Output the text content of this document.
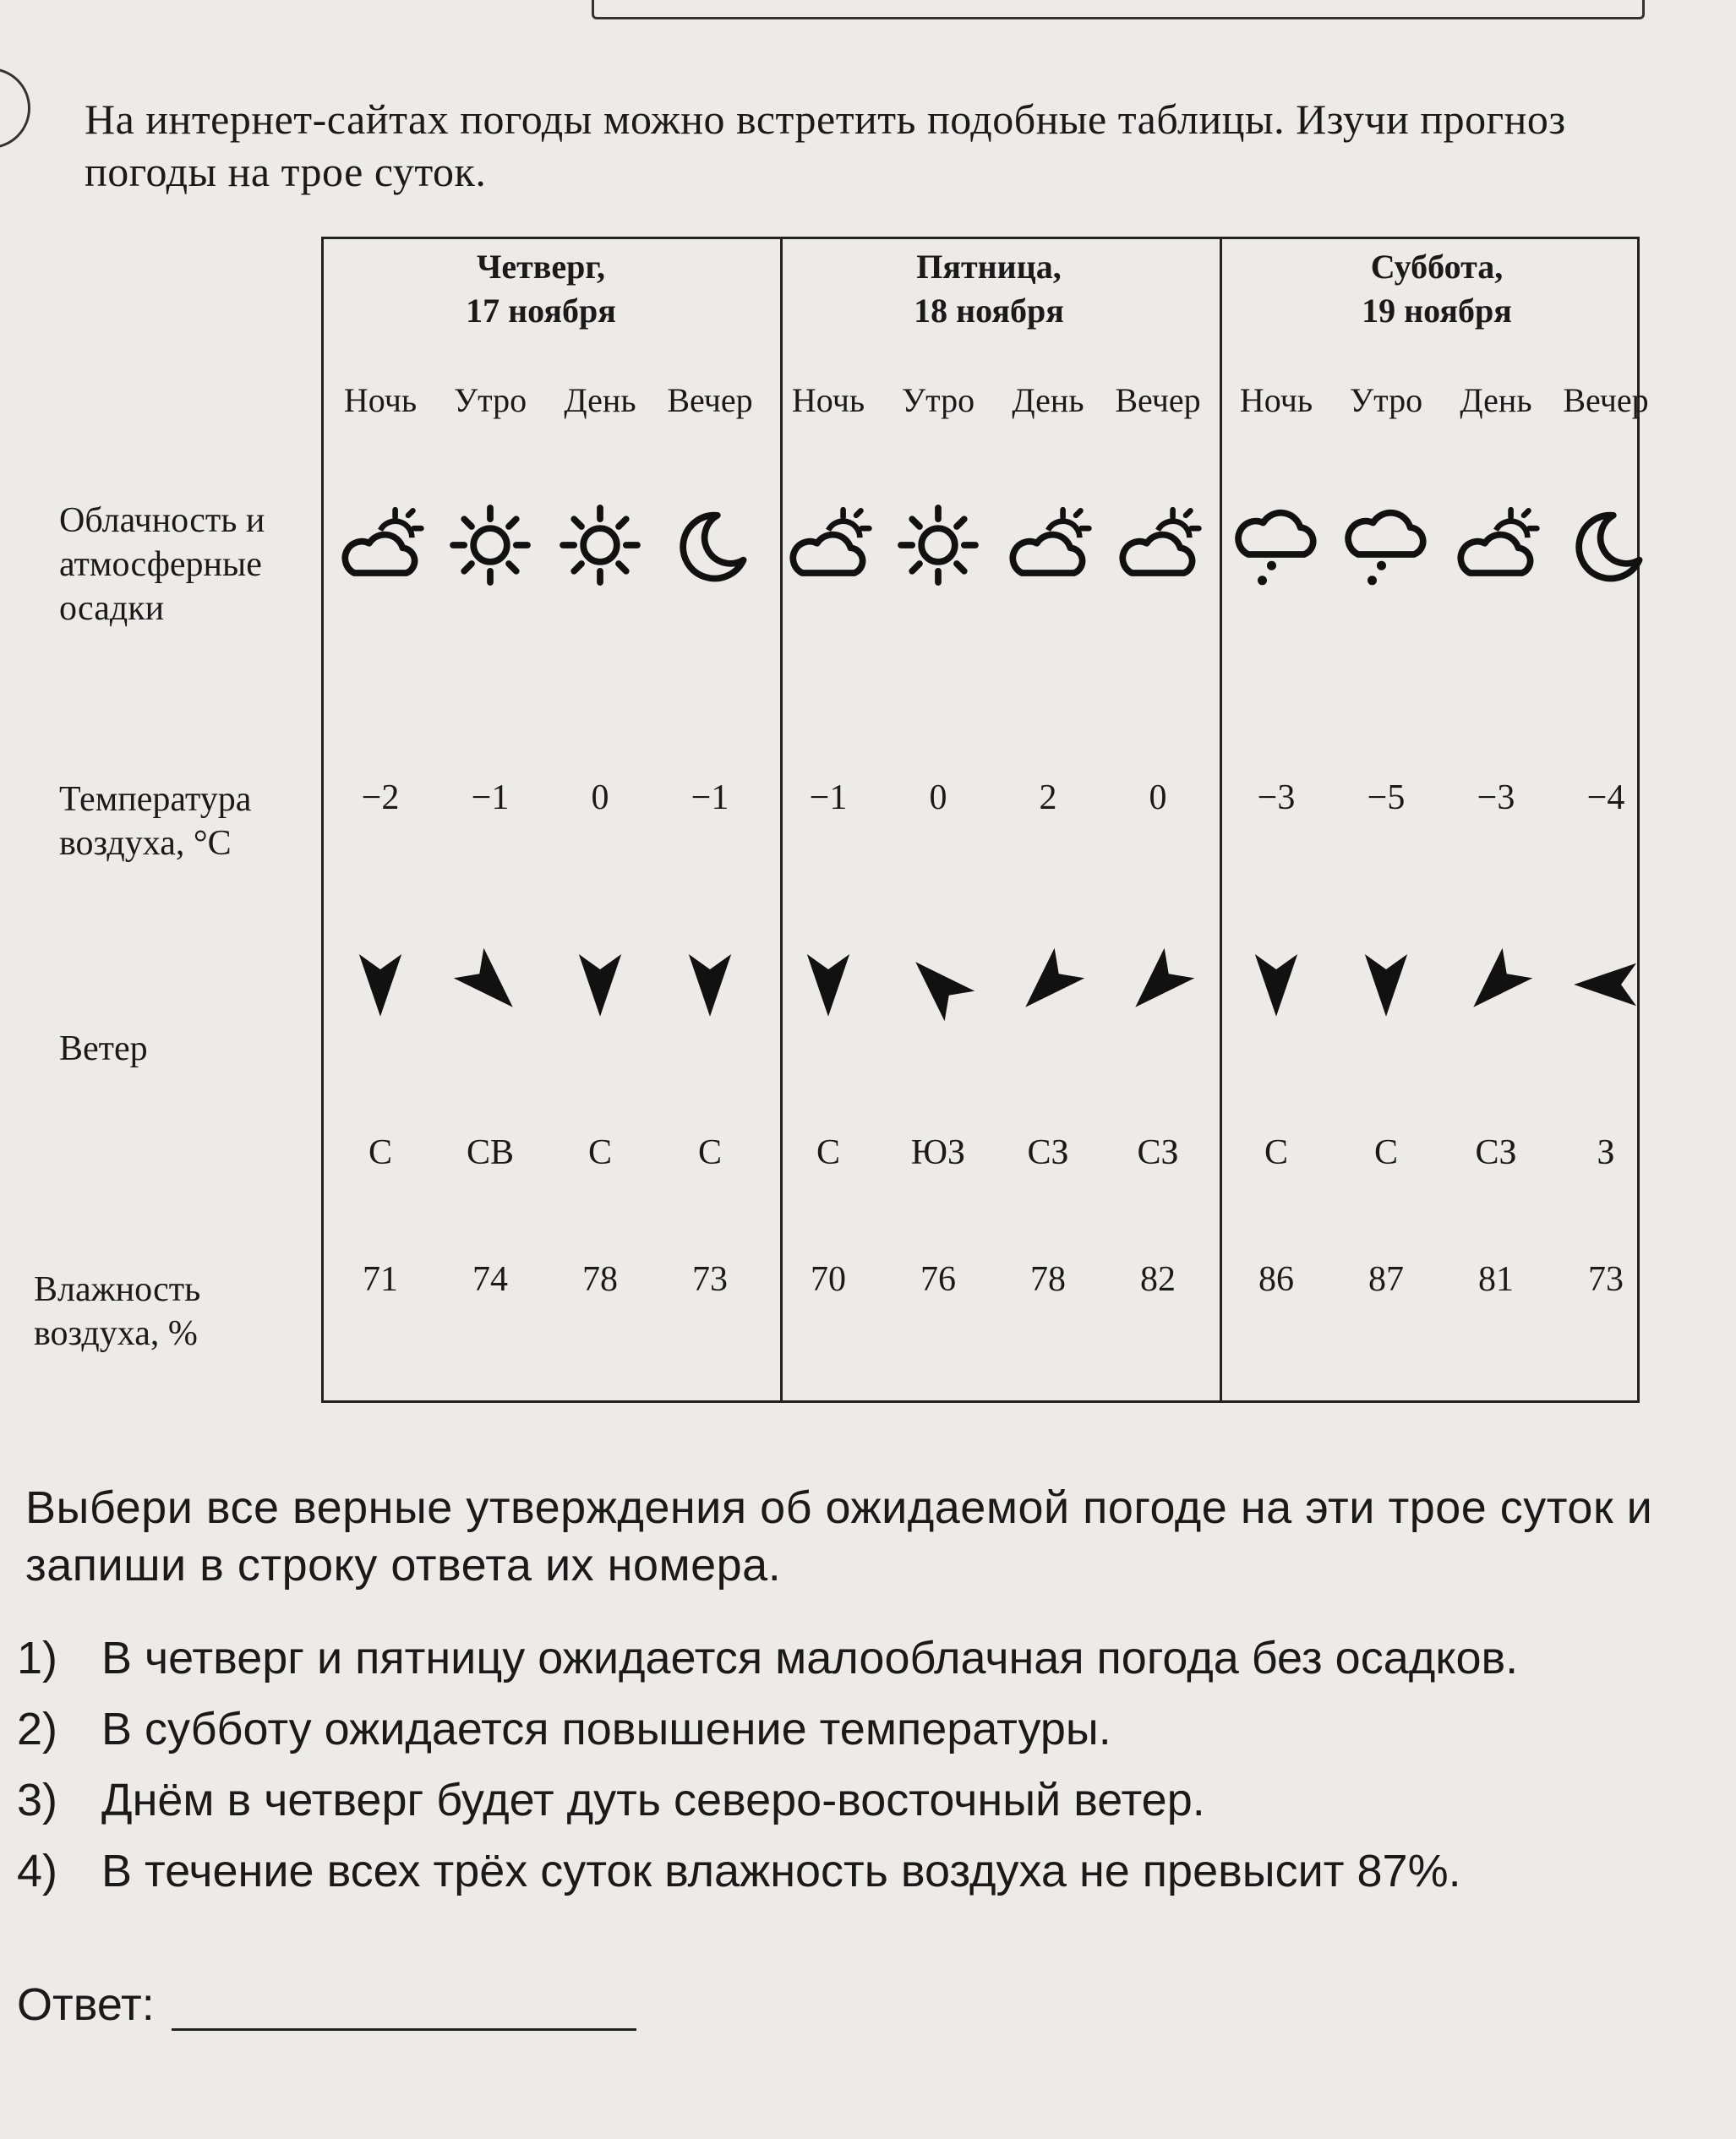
На интернет-сайтах погоды можно встретить подобные таблицы. Изучи прогноз погоды на трое суток.
Облачность и атмосферные осадки
Температура воздуха, °C
Ветер
Влажность воздуха, %
Четверг,
17 ноября
Пятница,
18 ноября
Суббота,
19 ноября
Ночь
−2
С
71
Утро
−1
СВ
74
День
0
С
78
Вечер
−1
С
73
Ночь
−1
С
70
Утро
0
ЮЗ
76
День
2
СЗ
78
Вечер
0
СЗ
82
Ночь
−3
С
86
Утро
−5
С
87
День
−3
СЗ
81
Вечер
−4
З
73
Выбери все верные утверждения об ожидаемой погоде на эти трое суток и запиши в строку ответа их номера.
1) В четверг и пятницу ожидается малооблачная погода без осадков.
2) В субботу ожидается повышение температуры.
3) Днём в четверг будет дуть северо-восточный ветер.
4) В течение всех трёх суток влажность воздуха не превысит 87%.
Ответ:
